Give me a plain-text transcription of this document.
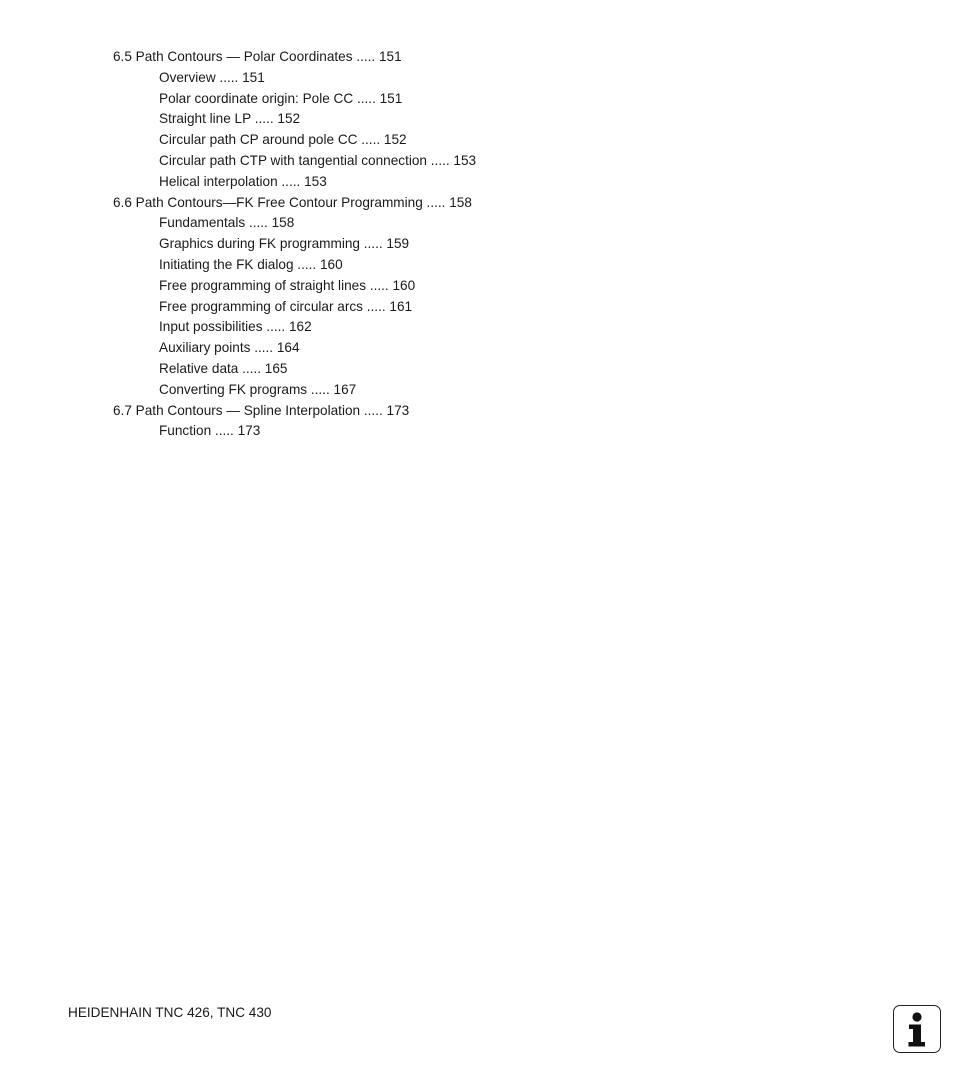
6.5 Path Contours — Polar Coordinates ..... 151
Overview ..... 151
Polar coordinate origin: Pole CC ..... 151
Straight line LP ..... 152
Circular path CP around pole CC ..... 152
Circular path CTP with tangential connection ..... 153
Helical interpolation ..... 153
6.6 Path Contours—FK Free Contour Programming ..... 158
Fundamentals ..... 158
Graphics during FK programming ..... 159
Initiating the FK dialog ..... 160
Free programming of straight lines ..... 160
Free programming of circular arcs ..... 161
Input possibilities ..... 162
Auxiliary points ..... 164
Relative data ..... 165
Converting FK programs ..... 167
6.7 Path Contours — Spline Interpolation ..... 173
Function ..... 173
HEIDENHAIN TNC 426, TNC 430
